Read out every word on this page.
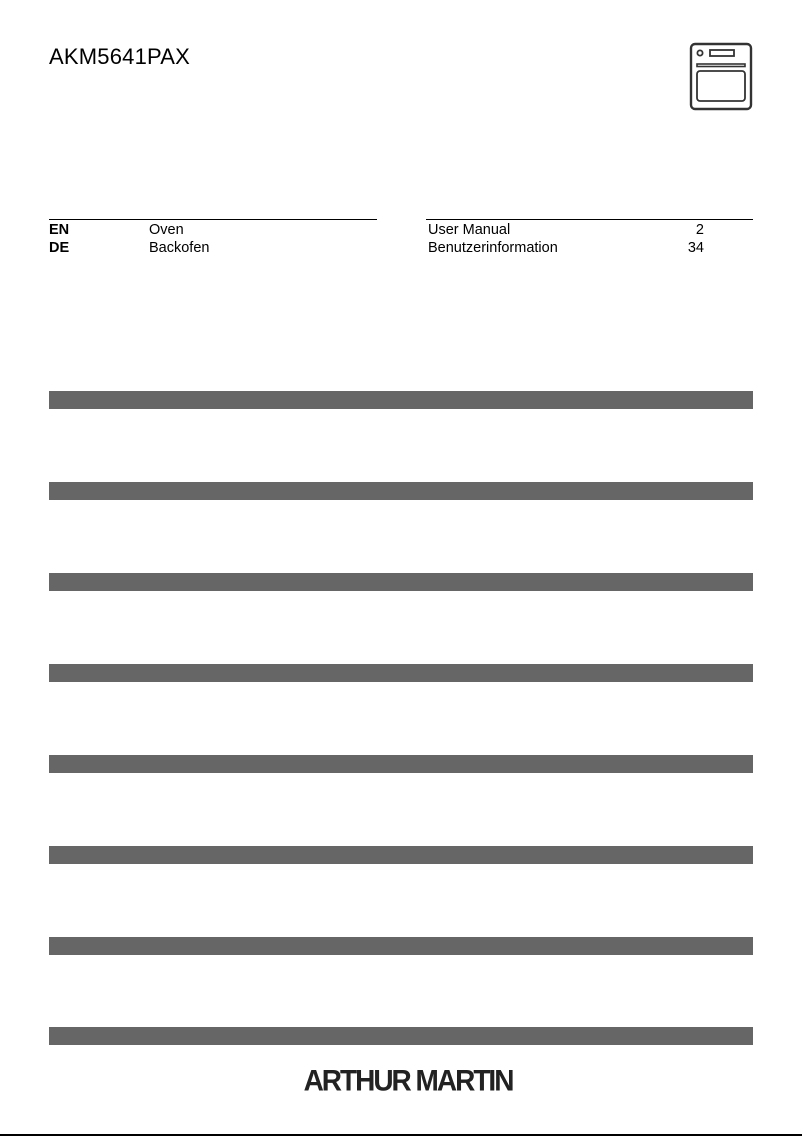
AKM5641PAX
EN	Oven	User Manual	2
DE	Backofen	Benutzerinformation	34
ARTHUR MARTIN
